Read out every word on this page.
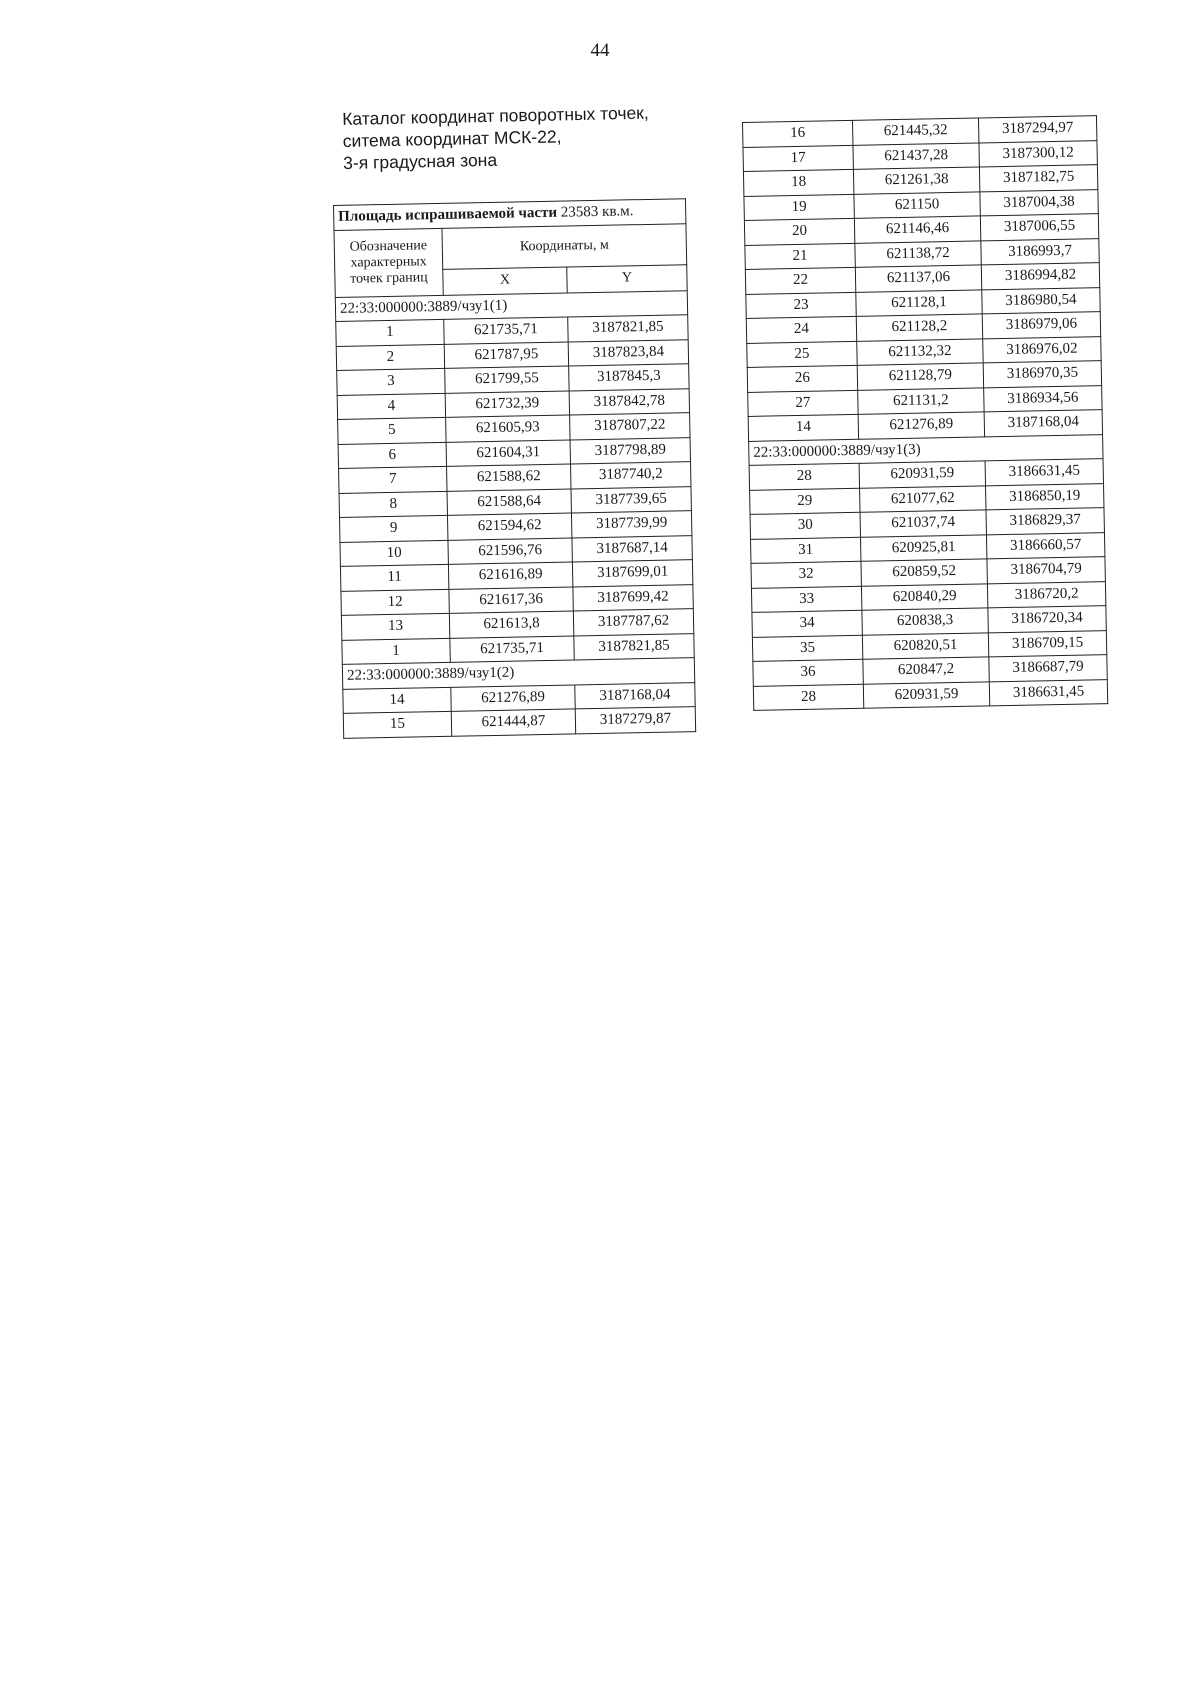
44
Каталог координат поворотных точек,
ситема координат МСК-22,
3-я градусная зона
Площадь испрашиваемой части 23583 кв.м.		
Обозначение характерных точек границ	Координаты, м	
	X	Y
22:33:000000:3889/чзу1(1)		
1	621735,71	3187821,85
2	621787,95	3187823,84
3	621799,55	3187845,3
4	621732,39	3187842,78
5	621605,93	3187807,22
6	621604,31	3187798,89
7	621588,62	3187740,2
8	621588,64	3187739,65
9	621594,62	3187739,99
10	621596,76	3187687,14
11	621616,89	3187699,01
12	621617,36	3187699,42
13	621613,8	3187787,62
1	621735,71	3187821,85
22:33:000000:3889/чзу1(2)		
14	621276,89	3187168,04
15	621444,87	3187279,87
16	621445,32	3187294,97
17	621437,28	3187300,12
18	621261,38	3187182,75
19	621150	3187004,38
20	621146,46	3187006,55
21	621138,72	3186993,7
22	621137,06	3186994,82
23	621128,1	3186980,54
24	621128,2	3186979,06
25	621132,32	3186976,02
26	621128,79	3186970,35
27	621131,2	3186934,56
14	621276,89	3187168,04
22:33:000000:3889/чзу1(3)		
28	620931,59	3186631,45
29	621077,62	3186850,19
30	621037,74	3186829,37
31	620925,81	3186660,57
32	620859,52	3186704,79
33	620840,29	3186720,2
34	620838,3	3186720,34
35	620820,51	3186709,15
36	620847,2	3186687,79
28	620931,59	3186631,45
